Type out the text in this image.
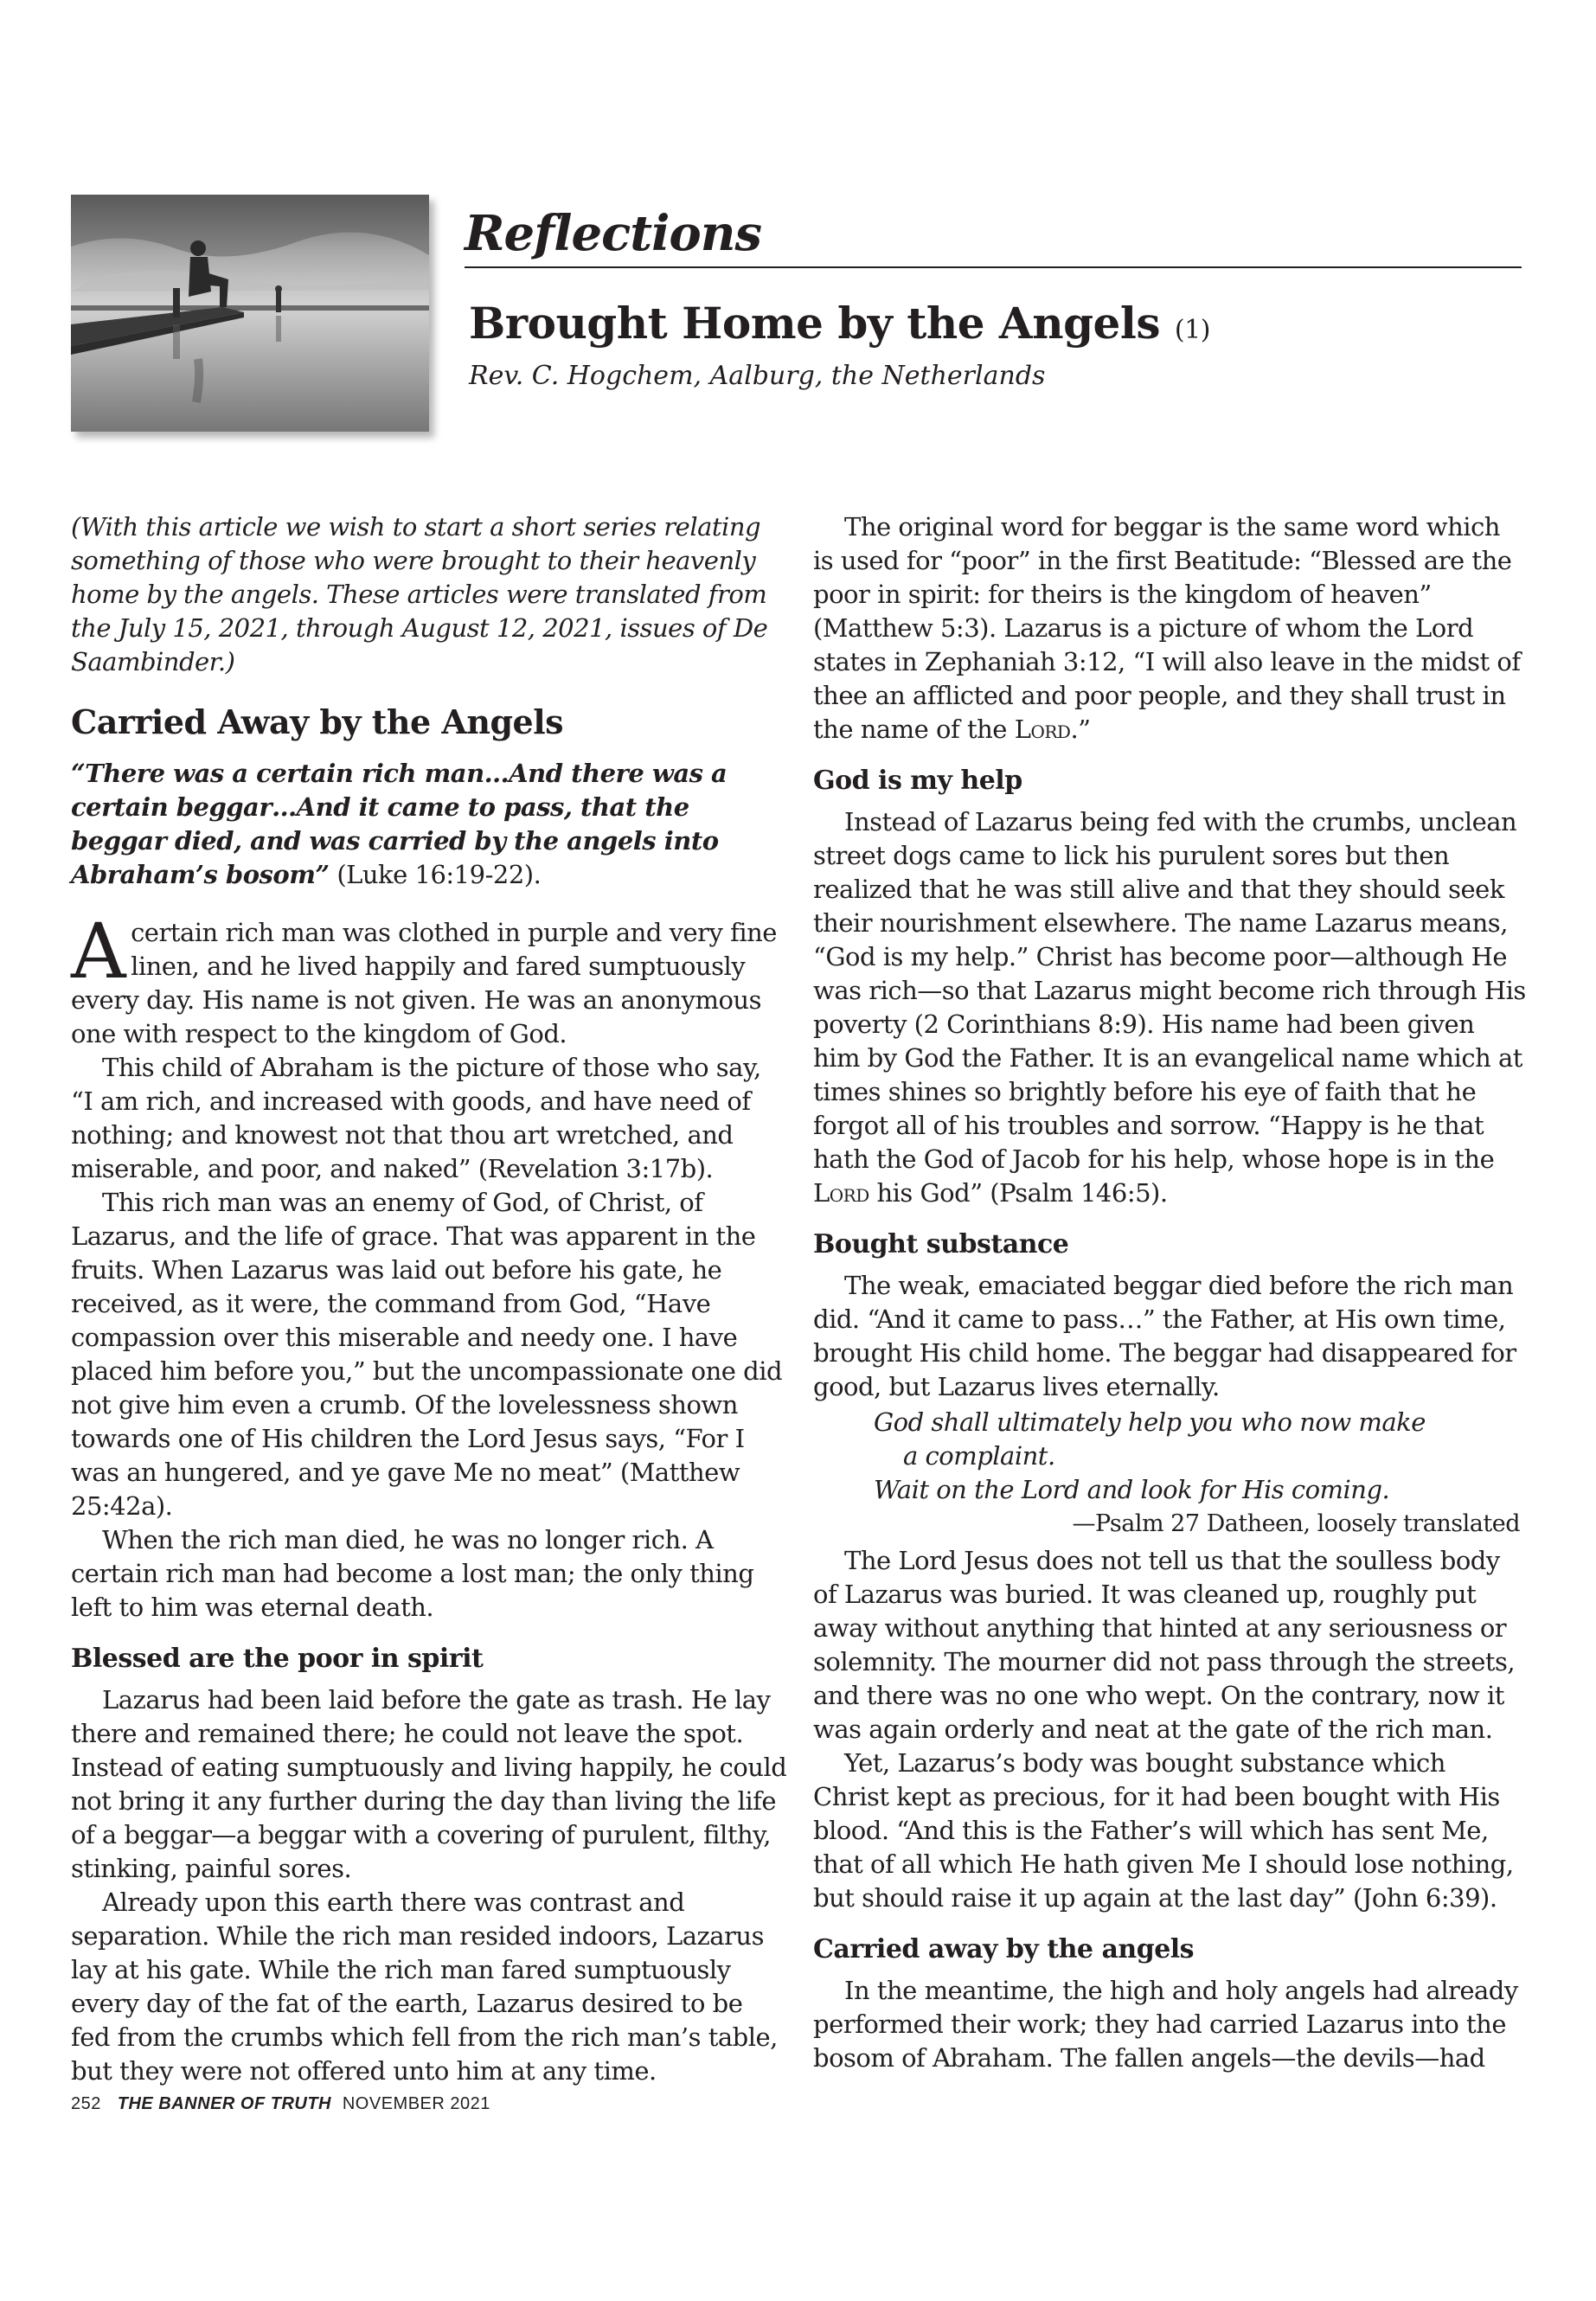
Reflections
Brought Home by the Angels (1)

Rev. C. Hogchem, Aalburg, the Netherlands

(With this article we wish to start a short series relating something of those who were brought to their heavenly home by the angels. These articles were translated from the July 15, 2021, through August 12, 2021, issues of De Saambinder.)

Carried Away by the Angels
“There was a certain rich man…And there was a certain beggar…And it came to pass, that the beggar died, and was carried by the angels into Abraham’s bosom” (Luke 16:19-22).

Acertain rich man was clothed in purple and very fine linen, and he lived happily and fared sumptuously every day. His name is not given. He was an anonymous one with respect to the kingdom of God.

This child of Abraham is the picture of those who say, “I am rich, and increased with goods, and have need of nothing; and knowest not that thou art wretched, and miserable, and poor, and naked” (Revelation 3:17b).

This rich man was an enemy of God, of Christ, of Lazarus, and the life of grace. That was apparent in the fruits. When Lazarus was laid out before his gate, he received, as it were, the command from God, “Have compassion over this miserable and needy one. I have placed him before you,” but the uncompassionate one did not give him even a crumb. Of the lovelessness shown towards one of His children the Lord Jesus says, “For I was an hungered, and ye gave Me no meat” (Matthew 25:42a).

When the rich man died, he was no longer rich. A certain rich man had become a lost man; the only thing left to him was eternal death.

Blessed are the poor in spirit

Lazarus had been laid before the gate as trash. He lay there and remained there; he could not leave the spot. Instead of eating sumptuously and living happily, he could not bring it any further during the day than living the life of a beggar—a beggar with a covering of purulent, filthy, stinking, painful sores.

Already upon this earth there was contrast and separation. While the rich man resided indoors, Lazarus lay at his gate. While the rich man fared sumptuously every day of the fat of the earth, Lazarus desired to be fed from the crumbs which fell from the rich man’s table, but they were not offered unto him at any time.

The original word for beggar is the same word which is used for “poor” in the first Beatitude: “Blessed are the poor in spirit: for theirs is the kingdom of heaven” (Matthew 5:3). Lazarus is a picture of whom the Lord states in Zephaniah 3:12, “I will also leave in the midst of thee an afflicted and poor people, and they shall trust in the name of the Lord.”

God is my help

Instead of Lazarus being fed with the crumbs, unclean street dogs came to lick his purulent sores but then realized that he was still alive and that they should seek their nourishment elsewhere. The name Lazarus means, “God is my help.” Christ has become poor—although He was rich—so that Lazarus might become rich through His poverty (2 Corinthians 8:9). His name had been given him by God the Father. It is an evangelical name which at times shines so brightly before his eye of faith that he forgot all of his troubles and sorrow. “Happy is he that hath the God of Jacob for his help, whose hope is in the Lord his God” (Psalm 146:5).

Bought substance

The weak, emaciated beggar died before the rich man did. “And it came to pass…” the Father, at His own time, brought His child home. The beggar had disappeared for good, but Lazarus lives eternally.

God shall ultimately help you who now make

a complaint.

Wait on the Lord and look for His coming.

—Psalm 27 Datheen, loosely translated

The Lord Jesus does not tell us that the soulless body of Lazarus was buried. It was cleaned up, roughly put away without anything that hinted at any seriousness or solemnity. The mourner did not pass through the streets, and there was no one who wept. On the contrary, now it was again orderly and neat at the gate of the rich man.

Yet, Lazarus’s body was bought substance which Christ kept as precious, for it had been bought with His blood. “And this is the Father’s will which has sent Me, that of all which He hath given Me I should lose nothing, but should raise it up again at the last day” (John 6:39).

Carried away by the angels

In the meantime, the high and holy angels had already performed their work; they had carried Lazarus into the bosom of Abraham. The fallen angels—the devils—had

252 THE BANNER OF TRUTH NOVEMBER 2021
